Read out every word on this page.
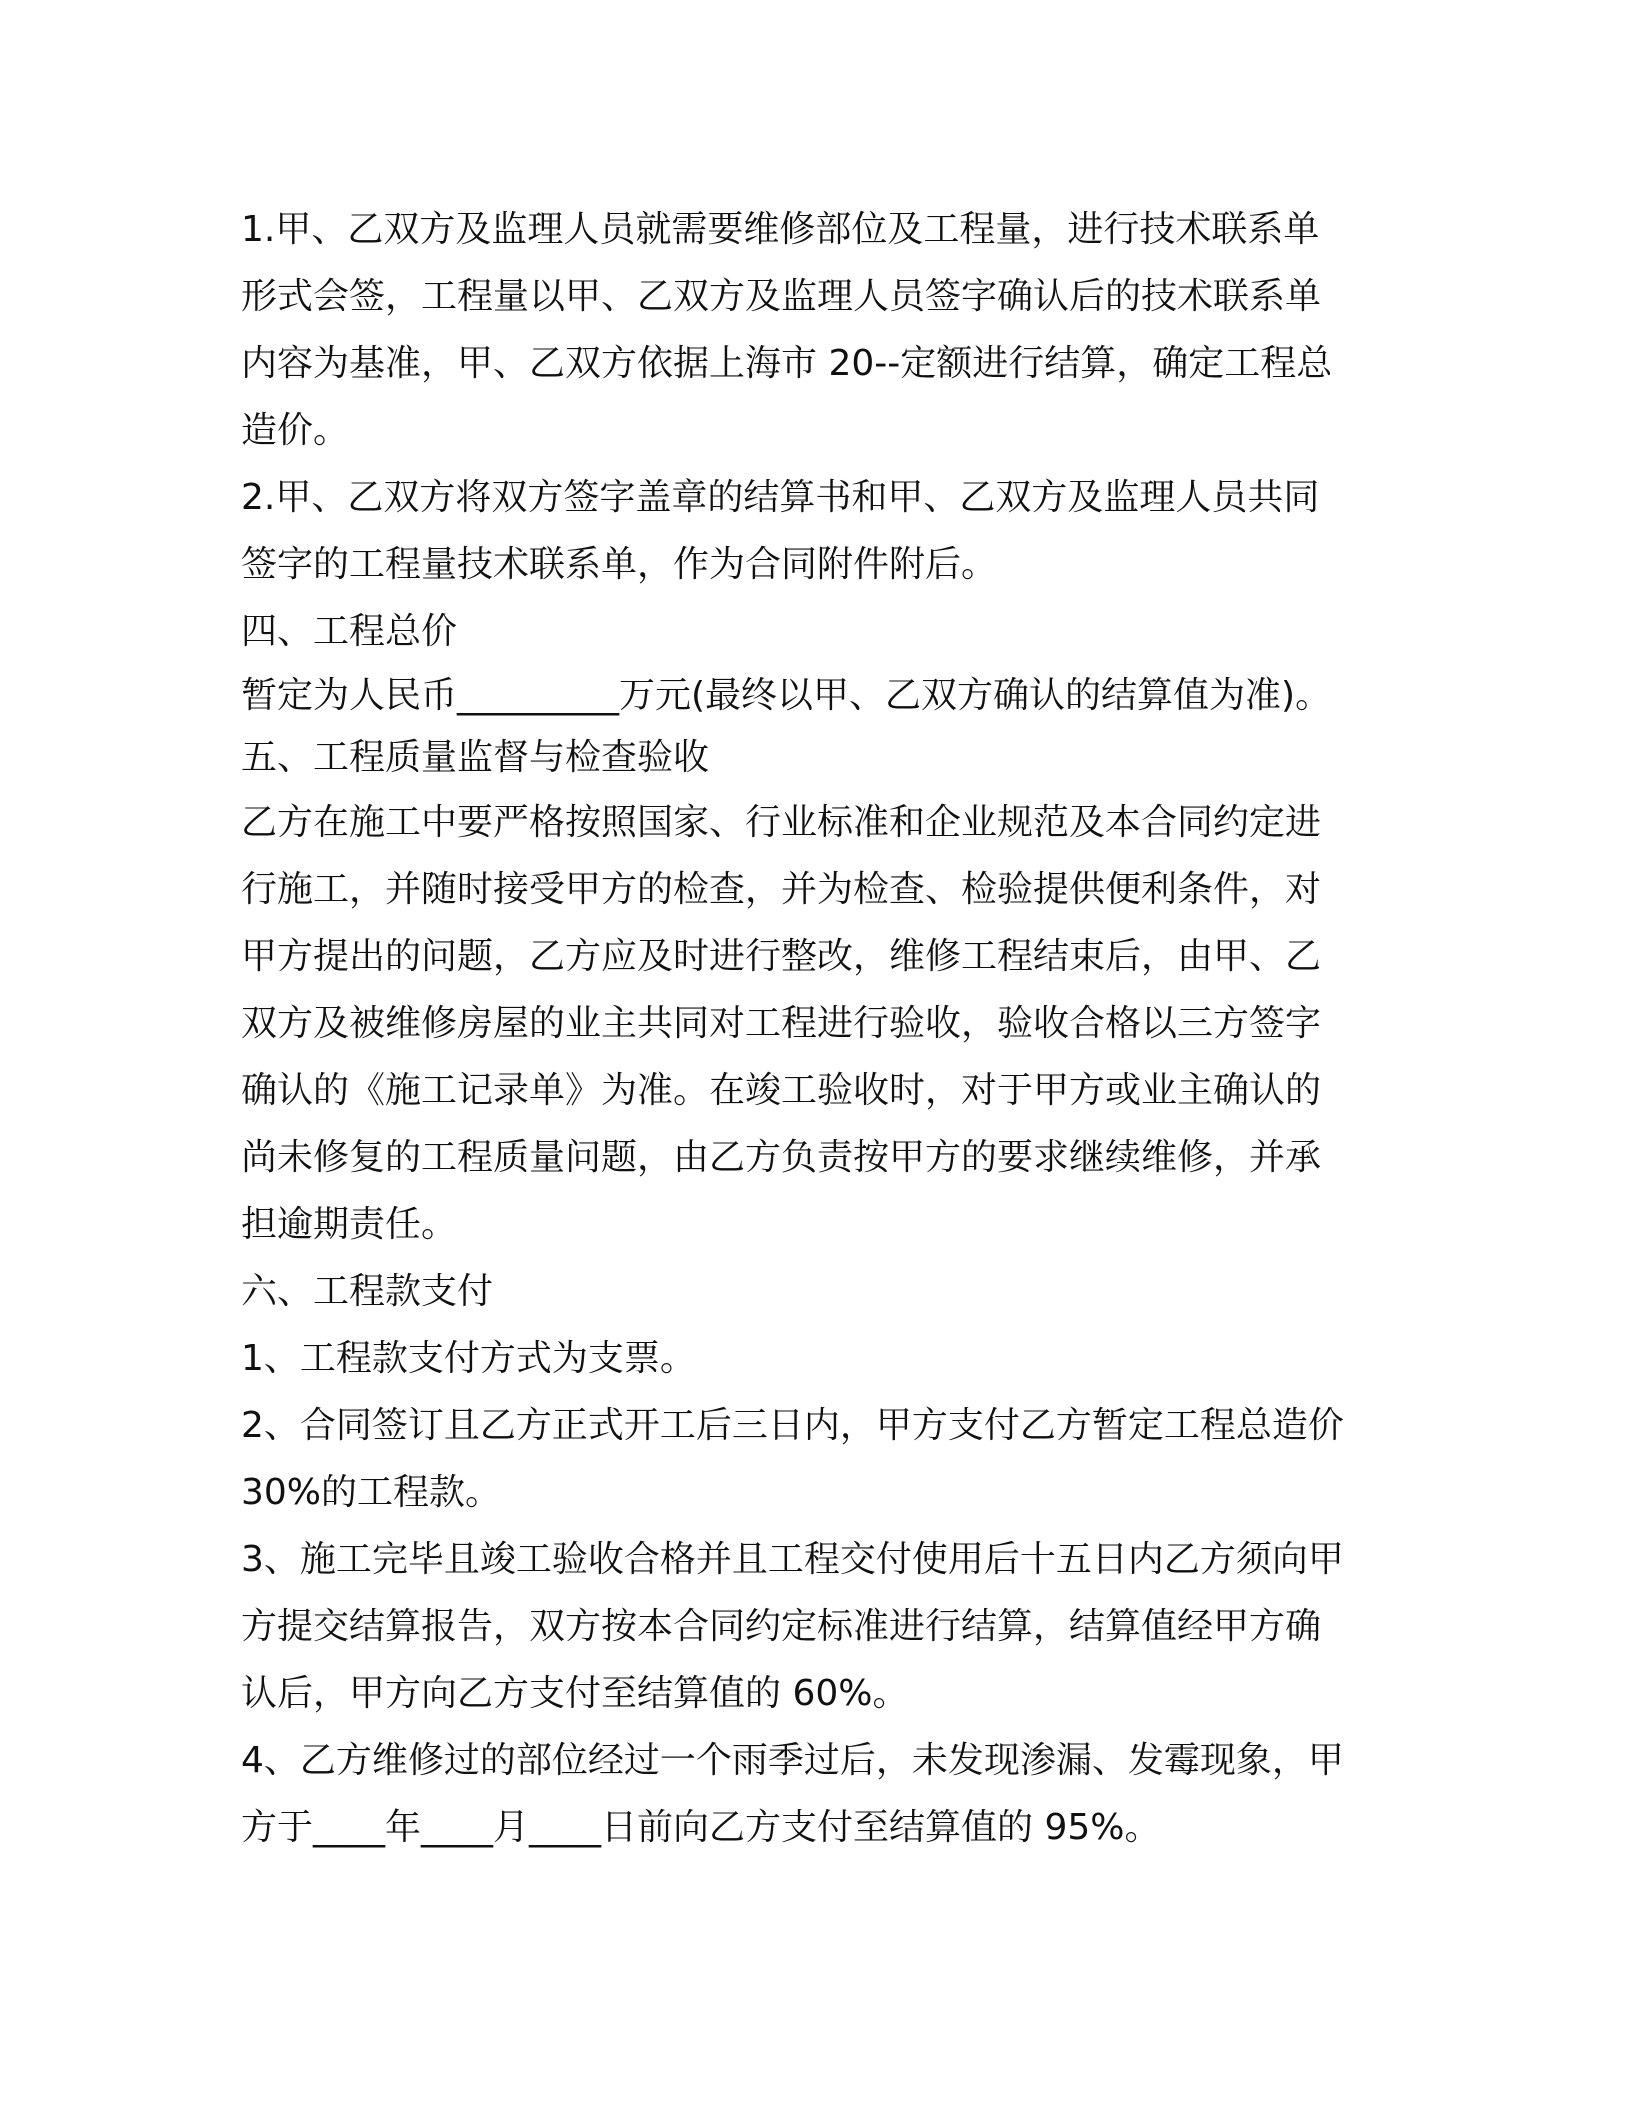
1.甲、乙双方及监理人员就需要维修部位及工程量，进行技术联系单
形式会签，工程量以甲、乙双方及监理人员签字确认后的技术联系单
内容为基准，甲、乙双方依据上海市 20--定额进行结算，确定工程总
造价。
2.甲、乙双方将双方签字盖章的结算书和甲、乙双方及监理人员共同
签字的工程量技术联系单，作为合同附件附后。
四、工程总价
暂定为人民币_________万元(最终以甲、乙双方确认的结算值为准)。
五、工程质量监督与检查验收
乙方在施工中要严格按照国家、行业标准和企业规范及本合同约定进
行施工，并随时接受甲方的检查，并为检查、检验提供便利条件，对
甲方提出的问题，乙方应及时进行整改，维修工程结束后，由甲、乙
双方及被维修房屋的业主共同对工程进行验收，验收合格以三方签字
确认的《施工记录单》为准。在竣工验收时，对于甲方或业主确认的
尚未修复的工程质量问题，由乙方负责按甲方的要求继续维修，并承
担逾期责任。
六、工程款支付
1、工程款支付方式为支票。
2、合同签订且乙方正式开工后三日内，甲方支付乙方暂定工程总造价
30%的工程款。
3、施工完毕且竣工验收合格并且工程交付使用后十五日内乙方须向甲
方提交结算报告，双方按本合同约定标准进行结算，结算值经甲方确
认后，甲方向乙方支付至结算值的 60%。
4、乙方维修过的部位经过一个雨季过后，未发现渗漏、发霉现象，甲
方于____年____月____日前向乙方支付至结算值的 95%。
